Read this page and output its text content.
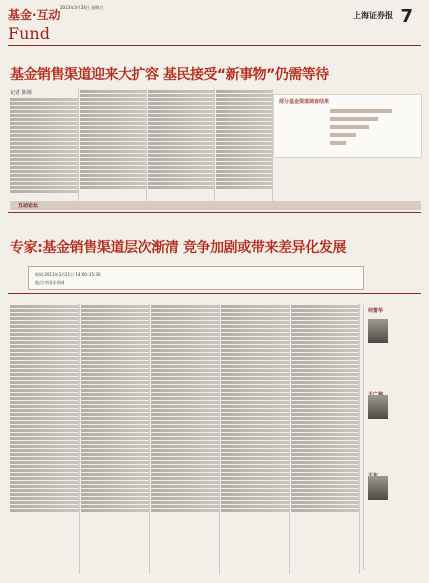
基金·互动
Fund
2013年3月24日 星期日
上海证券报 7
基金销售渠道迎来大扩容 基民接受“新事物”仍需等待
记者 陈刚
部分基金渠道调查结果
互动论坛
专家:基金销售渠道层次渐清 竞争加剧或带来差异化发展
时间:2013年3月21日 14:00–15:30
地点:中国证券网
何雷华
